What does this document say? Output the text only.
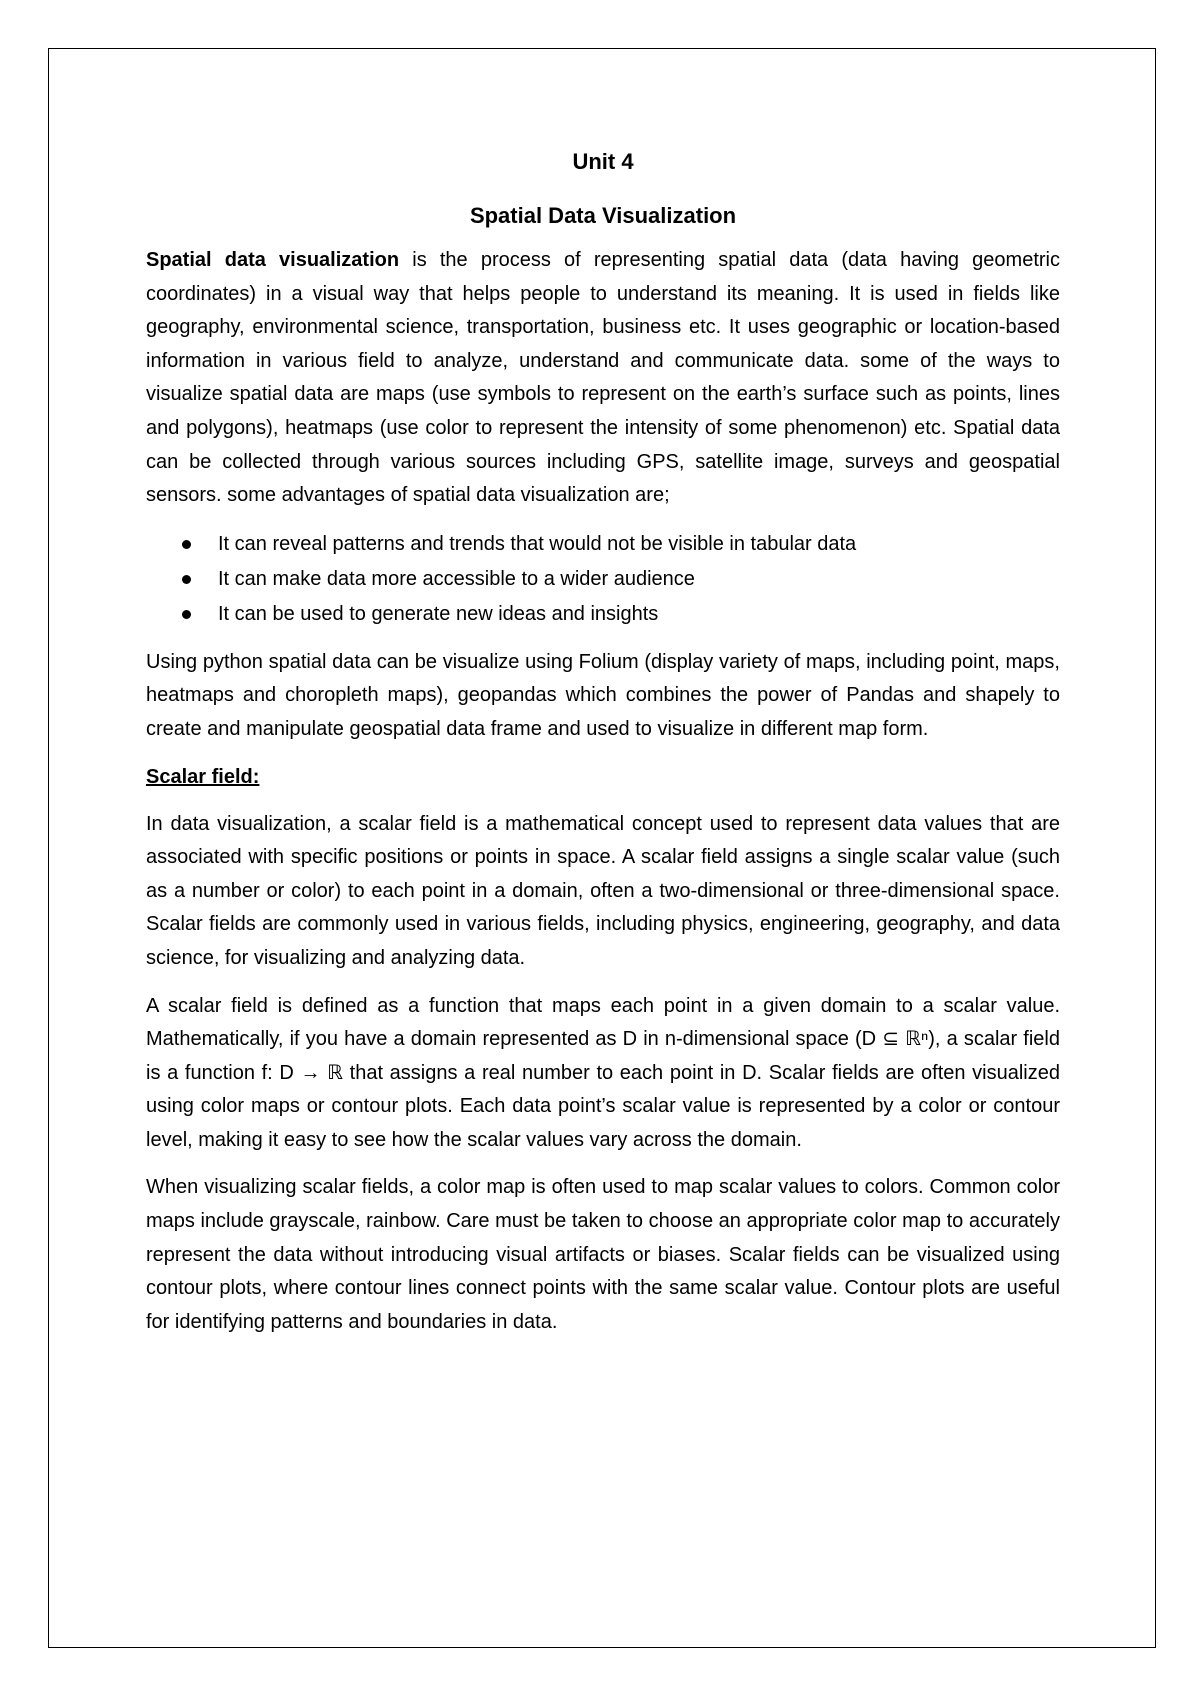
Unit 4
Spatial Data Visualization

Spatial data visualization is the process of representing spatial data (data having geometric coordinates) in a visual way that helps people to understand its meaning. It is used in fields like geography, environmental science, transportation, business etc. It uses geographic or location-based information in various field to analyze, understand and communicate data. some of the ways to visualize spatial data are maps (use symbols to represent on the earth’s surface such as points, lines and polygons), heatmaps (use color to represent the intensity of some phenomenon) etc. Spatial data can be collected through various sources including GPS, satellite image, surveys and geospatial sensors. some advantages of spatial data visualization are;

It can reveal patterns and trends that would not be visible in tabular data
It can make data more accessible to a wider audience
It can be used to generate new ideas and insights

Using python spatial data can be visualize using Folium (display variety of maps, including point, maps, heatmaps and choropleth maps), geopandas which combines the power of Pandas and shapely to create and manipulate geospatial data frame and used to visualize in different map form.

Scalar field:

In data visualization, a scalar field is a mathematical concept used to represent data values that are associated with specific positions or points in space. A scalar field assigns a single scalar value (such as a number or color) to each point in a domain, often a two-dimensional or three-dimensional space. Scalar fields are commonly used in various fields, including physics, engineering, geography, and data science, for visualizing and analyzing data.

A scalar field is defined as a function that maps each point in a given domain to a scalar value. Mathematically, if you have a domain represented as D in n-dimensional space (D ⊆ ℝⁿ), a scalar field is a function f: D → ℝ that assigns a real number to each point in D. Scalar fields are often visualized using color maps or contour plots. Each data point’s scalar value is represented by a color or contour level, making it easy to see how the scalar values vary across the domain.

When visualizing scalar fields, a color map is often used to map scalar values to colors. Common color maps include grayscale, rainbow. Care must be taken to choose an appropriate color map to accurately represent the data without introducing visual artifacts or biases. Scalar fields can be visualized using contour plots, where contour lines connect points with the same scalar value. Contour plots are useful for identifying patterns and boundaries in data.
